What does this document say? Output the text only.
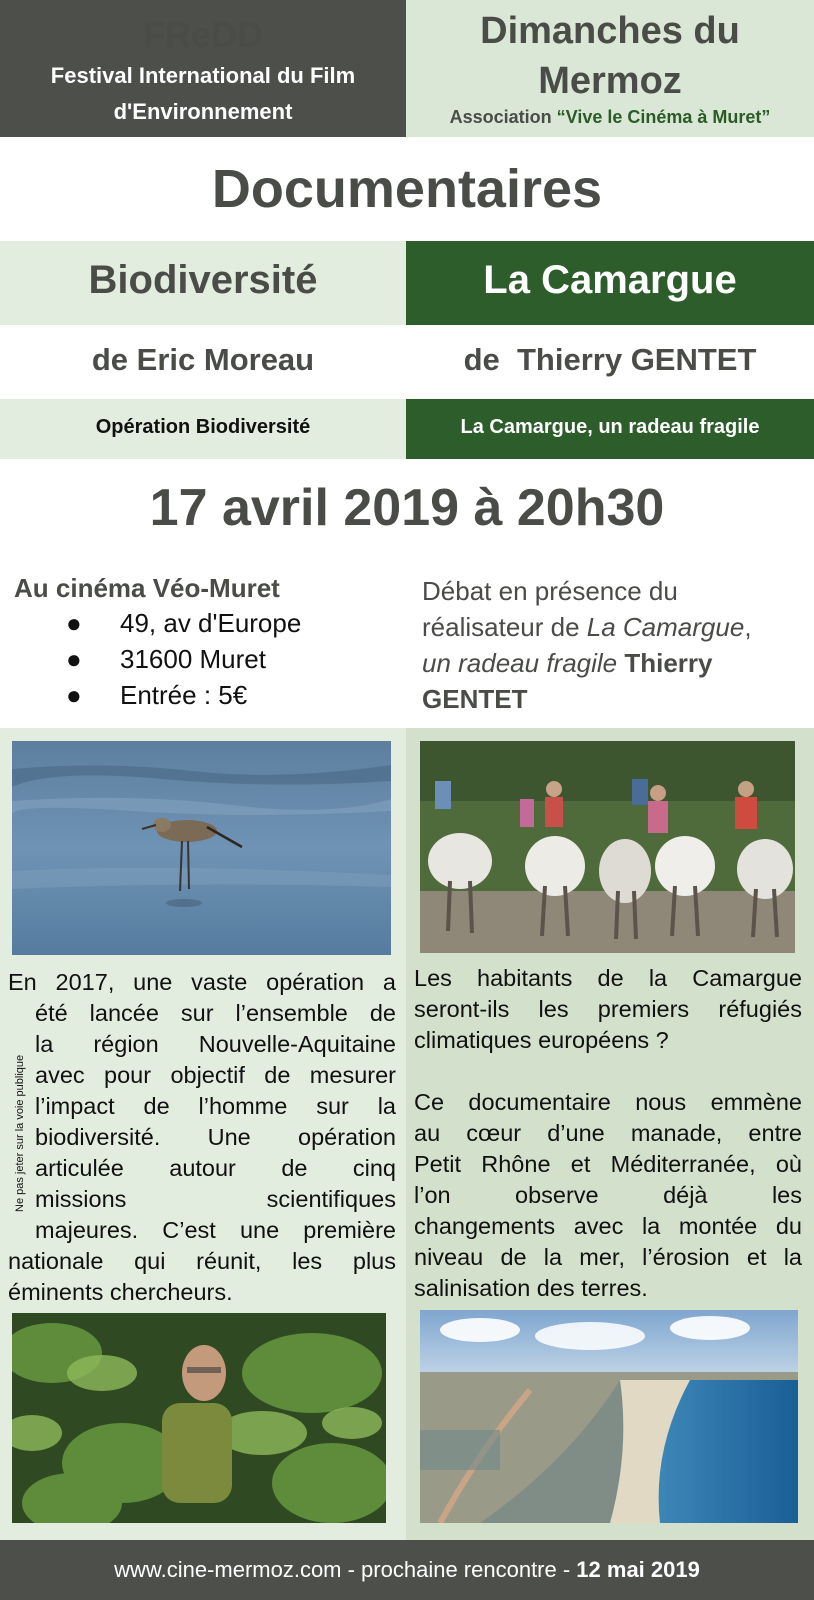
FReDD
Festival International du Film
d'Environnement
Dimanches du
Mermoz
Association “Vive le Cinéma à Muret”
Documentaires
Biodiversité	La Camargue
de Eric Moreau	de  Thierry GENTET
Opération Biodiversité	La Camargue, un radeau fragile
17 avril 2019 à 20h30
Au cinéma Véo-Muret
● 49, av d'Europe
● 31600 Muret
● Entrée : 5€
Débat en présence du
réalisateur de La Camargue,
un radeau fragile Thierry
GENTET
En 2017, une vaste opération a
été lancée sur l’ensemble de
la région Nouvelle-Aquitaine
avec pour objectif de mesurer
l’impact de l’homme sur la
biodiversité. Une opération
articulée autour de cinq
missions scientifiques
majeures. C’est une première
nationale qui réunit, les plus
éminents chercheurs.
Ne pas jeter sur la voie publique
Les habitants de la Camargue
seront-ils les premiers réfugiés
climatiques européens ?
Ce documentaire nous emmène
au cœur d’une manade, entre
Petit Rhône et Méditerranée, où
l’on observe déjà les
changements avec la montée du
niveau de la mer, l’érosion et la
salinisation des terres.
www.cine-mermoz.com - prochaine rencontre - 12 mai 2019
